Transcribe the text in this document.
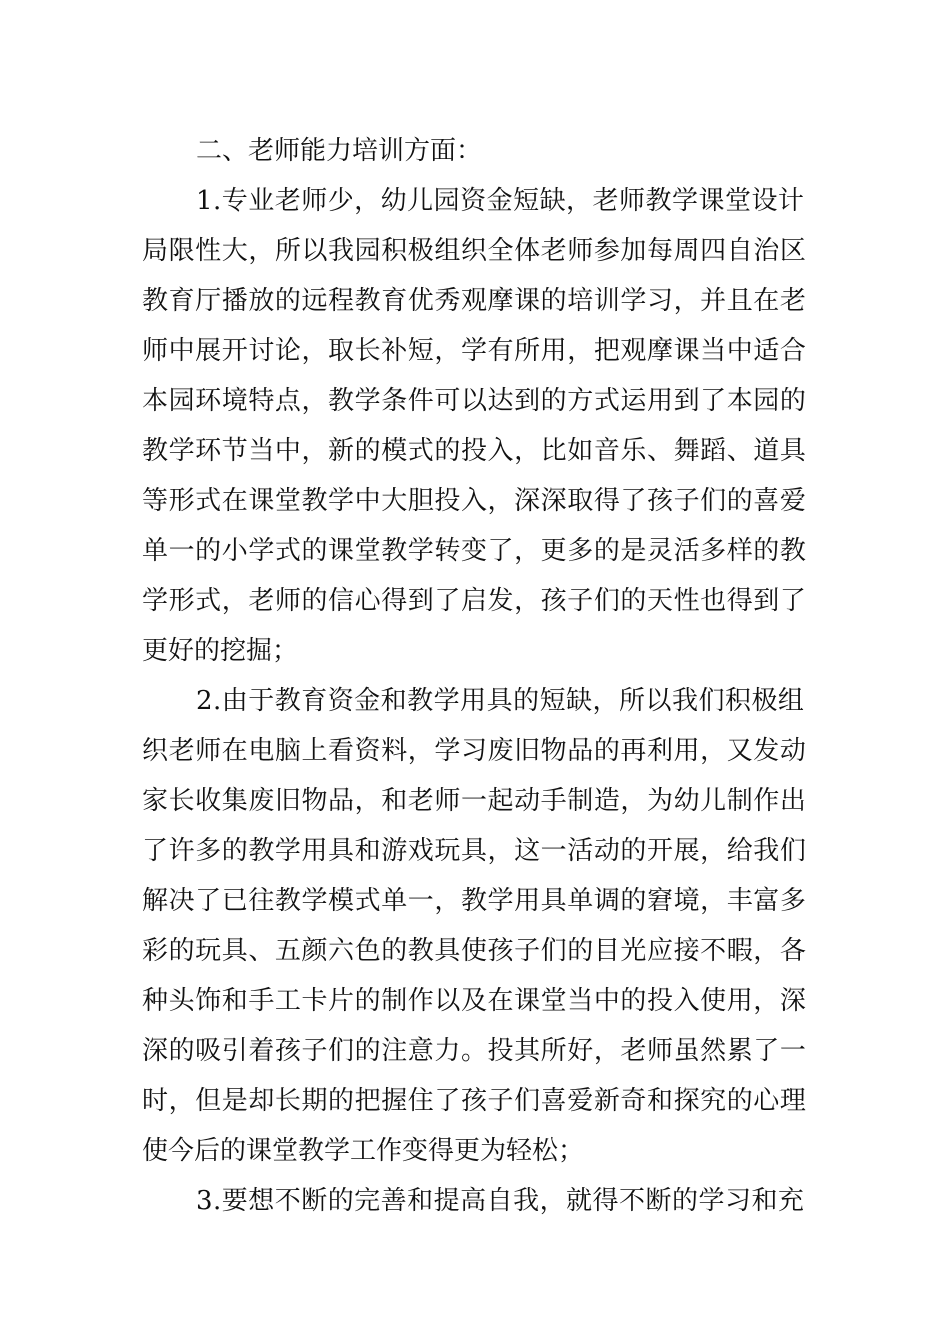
二、老师能力培训方面：
1 . 专 业 老 师 少 ， 幼 儿 园 资 金 短 缺 ， 老 师 教 学 课 堂 设 计
局 限 性 大 ， 所 以 我 园 积 极 组 织 全 体 老 师 参 加 每 周 四 自 治 区
教 育 厅 播 放 的 远 程 教 育 优 秀 观 摩 课 的 培 训 学 习 ， 并 且 在 老
师 中 展 开 讨 论 ， 取 长 补 短 ， 学 有 所 用 ， 把 观 摩 课 当 中 适 合
本 园 环 境 特 点 ， 教 学 条 件 可 以 达 到 的 方 式 运 用 到 了 本 园 的
教 学 环 节 当 中 ， 新 的 模 式 的 投 入 ， 比 如 音 乐 、 舞 蹈 、 道 具
等 形 式 在 课 堂 教 学 中 大 胆 投 入 ， 深 深 取 得 了 孩 子 们 的 喜 爱
单 一 的 小 学 式 的 课 堂 教 学 转 变 了 ， 更 多 的 是 灵 活 多 样 的 教
学 形 式 ， 老 师 的 信 心 得 到 了 启 发 ， 孩 子 们 的 天 性 也 得 到 了
更好的挖掘；
2 . 由 于 教 育 资 金 和 教 学 用 具 的 短 缺 ， 所 以 我 们 积 极 组
织 老 师 在 电 脑 上 看 资 料 ， 学 习 废 旧 物 品 的 再 利 用 ， 又 发 动
家 长 收 集 废 旧 物 品 ， 和 老 师 一 起 动 手 制 造 ， 为 幼 儿 制 作 出
了 许 多 的 教 学 用 具 和 游 戏 玩 具 ， 这 一 活 动 的 开 展 ， 给 我 们
解 决 了 已 往 教 学 模 式 单 一 ， 教 学 用 具 单 调 的 窘 境 ， 丰 富 多
彩 的 玩 具 、 五 颜 六 色 的 教 具 使 孩 子 们 的 目 光 应 接 不 暇 ， 各
种 头 饰 和 手 工 卡 片 的 制 作 以 及 在 课 堂 当 中 的 投 入 使 用 ， 深
深 的 吸 引 着 孩 子 们 的 注 意 力 。 投 其 所 好 ， 老 师 虽 然 累 了 一
时 ， 但 是 却 长 期 的 把 握 住 了 孩 子 们 喜 爱 新 奇 和 探 究 的 心 理
使今后的课堂教学工作变得更为轻松；
3 . 要 想 不 断 的 完 善 和 提 高 自 我 ， 就 得 不 断 的 学 习 和 充
